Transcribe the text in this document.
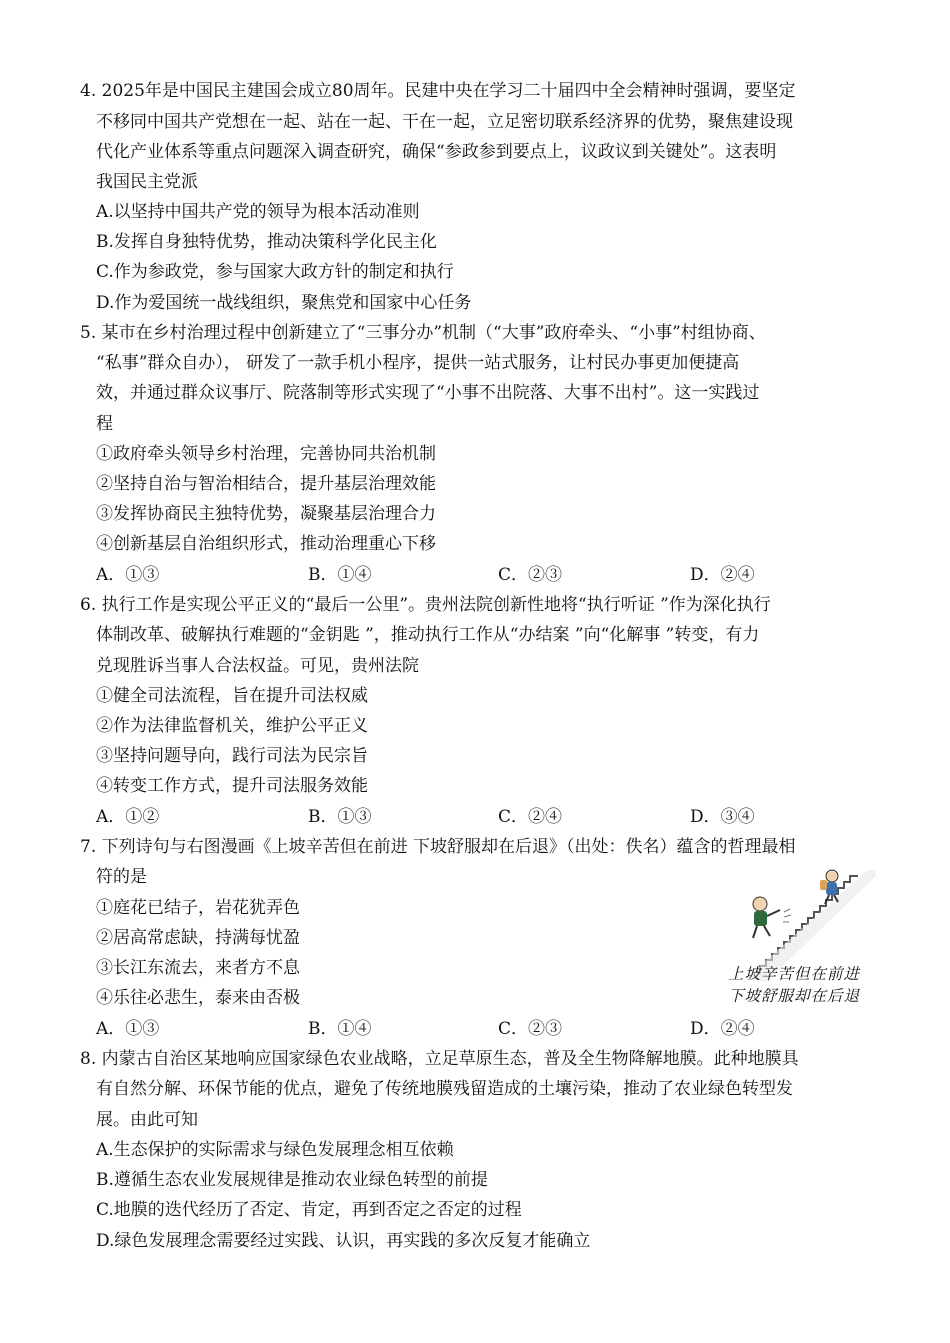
4. 2025年是中国民主建国会成立80周年。民建中央在学习二十届四中全会精神时强调，要坚定
不移同中国共产党想在一起、站在一起、干在一起，立足密切联系经济界的优势，聚焦建设现
代化产业体系等重点问题深入调查研究，确保“参政参到要点上，议政议到关键处”。这表明
我国民主党派
A.以坚持中国共产党的领导为根本活动准则
B.发挥自身独特优势，推动决策科学化民主化
C.作为参政党，参与国家大政方针的制定和执行
D.作为爱国统一战线组织，聚焦党和国家中心任务
5. 某市在乡村治理过程中创新建立了“三事分办”机制（“大事”政府牵头、“小事”村组协商、
“私事”群众自办）， 研发了一款手机小程序，提供一站式服务，让村民办事更加便捷高
效，并通过群众议事厅、院落制等形式实现了“小事不出院落、大事不出村”。这一实践过
程
①政府牵头领导乡村治理，完善协同共治机制
②坚持自治与智治相结合，提升基层治理效能
③发挥协商民主独特优势，凝聚基层治理合力
④创新基层自治组织形式，推动治理重心下移
A．①③	B．①④	C．②③	D．②④
6. 执行工作是实现公平正义的“最后一公里”。贵州法院创新性地将“执行听证 ”作为深化执行
体制改革、破解执行难题的“金钥匙 ”，推动执行工作从“办结案 ”向“化解事 ”转变，有力
兑现胜诉当事人合法权益。可见，贵州法院
①健全司法流程，旨在提升司法权威
②作为法律监督机关，维护公平正义
③坚持问题导向，践行司法为民宗旨
④转变工作方式，提升司法服务效能
A．①②	B．①③	C．②④	D．③④
7. 下列诗句与右图漫画《上坡辛苦但在前进 下坡舒服却在后退》（出处：佚名）蕴含的哲理最相
符的是
①庭花已结子，岩花犹弄色
②居高常虑缺，持满每忧盈
③长江东流去，来者方不息
④乐往必悲生，泰来由否极
A．①③	B．①④	C．②③	D．②④
上坡辛苦但在前进
下坡舒服却在后退
8. 内蒙古自治区某地响应国家绿色农业战略，立足草原生态，普及全生物降解地膜。此种地膜具
有自然分解、环保节能的优点，避免了传统地膜残留造成的土壤污染，推动了农业绿色转型发
展。由此可知
A.生态保护的实际需求与绿色发展理念相互依赖
B.遵循生态农业发展规律是推动农业绿色转型的前提
C.地膜的迭代经历了否定、肯定，再到否定之否定的过程
D.绿色发展理念需要经过实践、认识，再实践的多次反复才能确立
